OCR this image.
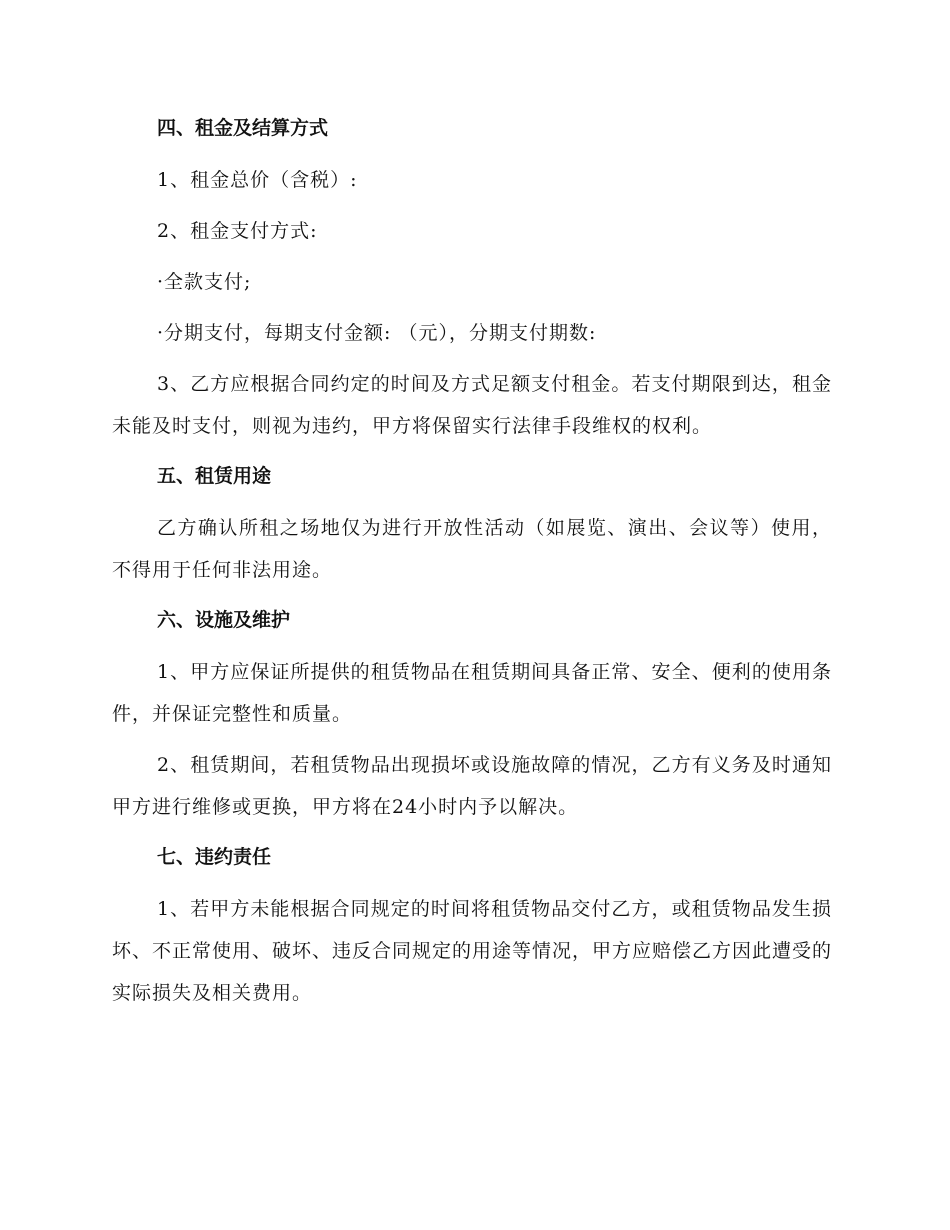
四、租金及结算方式

1、租金总价（含税）:

2、租金支付方式:

·全款支付;

·分期支付，每期支付金额: （元），分期支付期数:

3、乙方应根据合同约定的时间及方式足额支付租金。若支付期限到达，租金未能及时支付，则视为违约，甲方将保留实行法律手段维权的权利。

五、租赁用途

乙方确认所租之场地仅为进行开放性活动（如展览、演出、会议等）使用，不得用于任何非法用途。

六、设施及维护

1、甲方应保证所提供的租赁物品在租赁期间具备正常、安全、便利的使用条件，并保证完整性和质量。

2、租赁期间，若租赁物品出现损坏或设施故障的情况，乙方有义务及时通知甲方进行维修或更换，甲方将在24小时内予以解决。

七、违约责任

1、若甲方未能根据合同规定的时间将租赁物品交付乙方，或租赁物品发生损坏、不正常使用、破坏、违反合同规定的用途等情况，甲方应赔偿乙方因此遭受的实际损失及相关费用。
